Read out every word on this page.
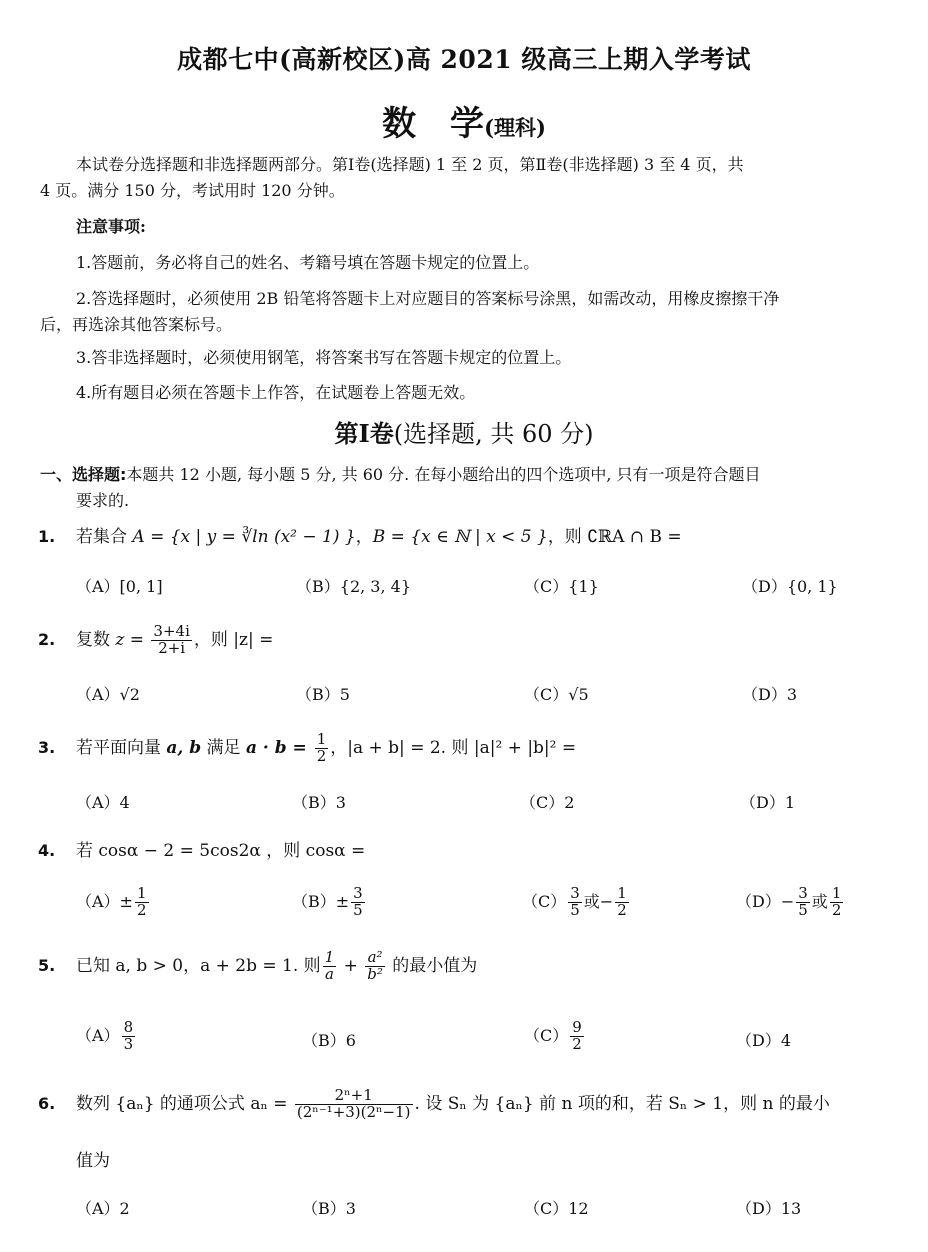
成都七中(高新校区)高 2021 级高三上期入学考试
数　学(理科)
本试卷分选择题和非选择题两部分。第Ⅰ卷(选择题) 1 至 2 页，第Ⅱ卷(非选择题) 3 至 4 页，共
4 页。满分 150 分，考试用时 120 分钟。
注意事项:
1.答题前，务必将自己的姓名、考籍号填在答题卡规定的位置上。
2.答选择题时，必须使用 2B 铅笔将答题卡上对应题目的答案标号涂黑，如需改动，用橡皮擦擦干净
后，再选涂其他答案标号。
3.答非选择题时，必须使用钢笔，将答案书写在答题卡规定的位置上。
4.所有题目必须在答题卡上作答，在试题卷上答题无效。
第Ⅰ卷(选择题, 共 60 分)
一、选择题:本题共 12 小题, 每小题 5 分, 共 60 分. 在每小题给出的四个选项中, 只有一项是符合题目
要求的.
1. 若集合 A = {x | y = ∛ln (x² − 1) }，B = {x ∈ ℕ | x < 5 }，则 ∁ℝA ∩ B =
（A）[0, 1]	（B）{2, 3, 4}	（C）{1}	（D）{0, 1}
2. 复数 $z = \frac{3+4i}{2+i}$ ，则 |z| =
（A）√2	（B）5	（C）√5	（D）3
3. 若平面向量 a, b 满足 $a \cdot b = \frac{1}{2}$ ，|a + b| = 2. 则 |a|² + |b|² =
（A）4	（B）3	（C）2	（D）1
4. 若 cosα − 2 = 5cos2α ，则 cosα =
$(A)\pm \frac{1}{2}$	$(B)\pm \frac{3}{5}$	$(C) \frac{3}{5}$ 或− $\frac{1}{2}$	$(D)- \frac{3}{5}$ 或 $\frac{1}{2}$
5. 已知 a, b > 0，a + 2b = 1. 则 $\frac{1}{a} + \frac{\text{a²}}{\text{b²}}$ 的最小值为
$(A) \frac{8}{3}$	（B）6	$(C) \frac{9}{2}$	（D）4
6. 数列 {aₙ} 的通项公式 $a_n = \frac{\text{2ⁿ+1}}{\text{(2ⁿ⁻¹+3)(2ⁿ−1)}}$ . 设 Sₙ 为 {aₙ} 前 n 项的和，若 Sₙ > 1，则 n 的最小
值为
（A）2	（B）3	（C）12	（D）13
